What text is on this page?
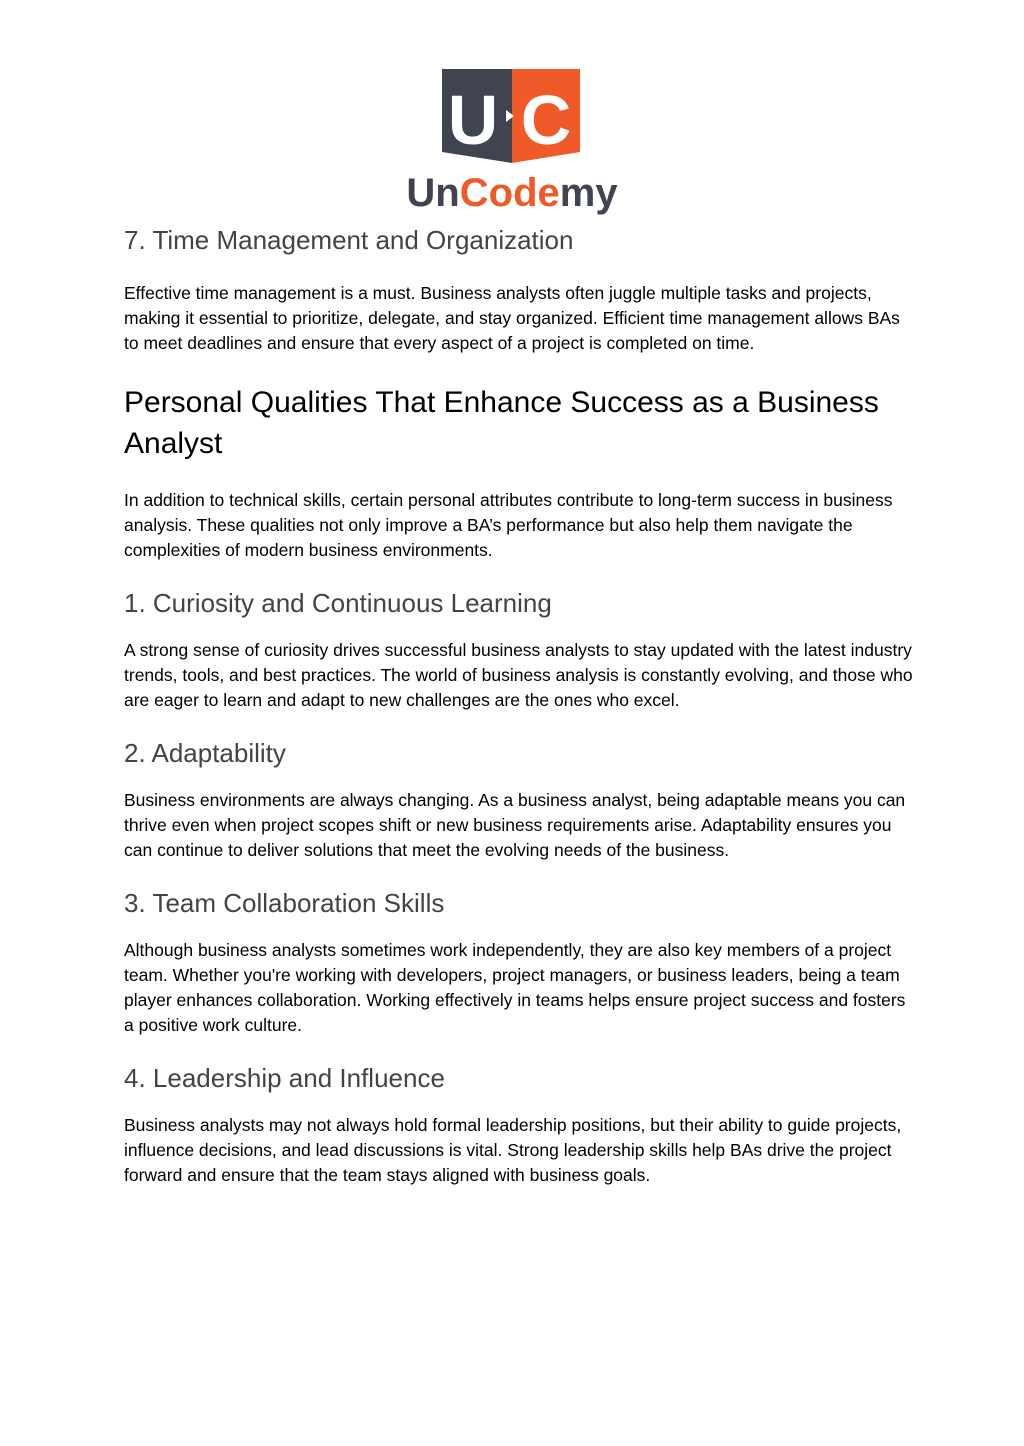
U C
UnCodemy
7. Time Management and Organization

Effective time management is a must. Business analysts often juggle multiple tasks and projects, making it essential to prioritize, delegate, and stay organized. Efficient time management allows BAs to meet deadlines and ensure that every aspect of a project is completed on time.

Personal Qualities That Enhance Success as a Business Analyst

In addition to technical skills, certain personal attributes contribute to long-term success in business analysis. These qualities not only improve a BA’s performance but also help them navigate the complexities of modern business environments.

1. Curiosity and Continuous Learning

A strong sense of curiosity drives successful business analysts to stay updated with the latest industry trends, tools, and best practices. The world of business analysis is constantly evolving, and those who are eager to learn and adapt to new challenges are the ones who excel.

2. Adaptability

Business environments are always changing. As a business analyst, being adaptable means you can thrive even when project scopes shift or new business requirements arise. Adaptability ensures you can continue to deliver solutions that meet the evolving needs of the business.

3. Team Collaboration Skills

Although business analysts sometimes work independently, they are also key members of a project team. Whether you're working with developers, project managers, or business leaders, being a team player enhances collaboration. Working effectively in teams helps ensure project success and fosters a positive work culture.

4. Leadership and Influence

Business analysts may not always hold formal leadership positions, but their ability to guide projects, influence decisions, and lead discussions is vital. Strong leadership skills help BAs drive the project forward and ensure that the team stays aligned with business goals.
